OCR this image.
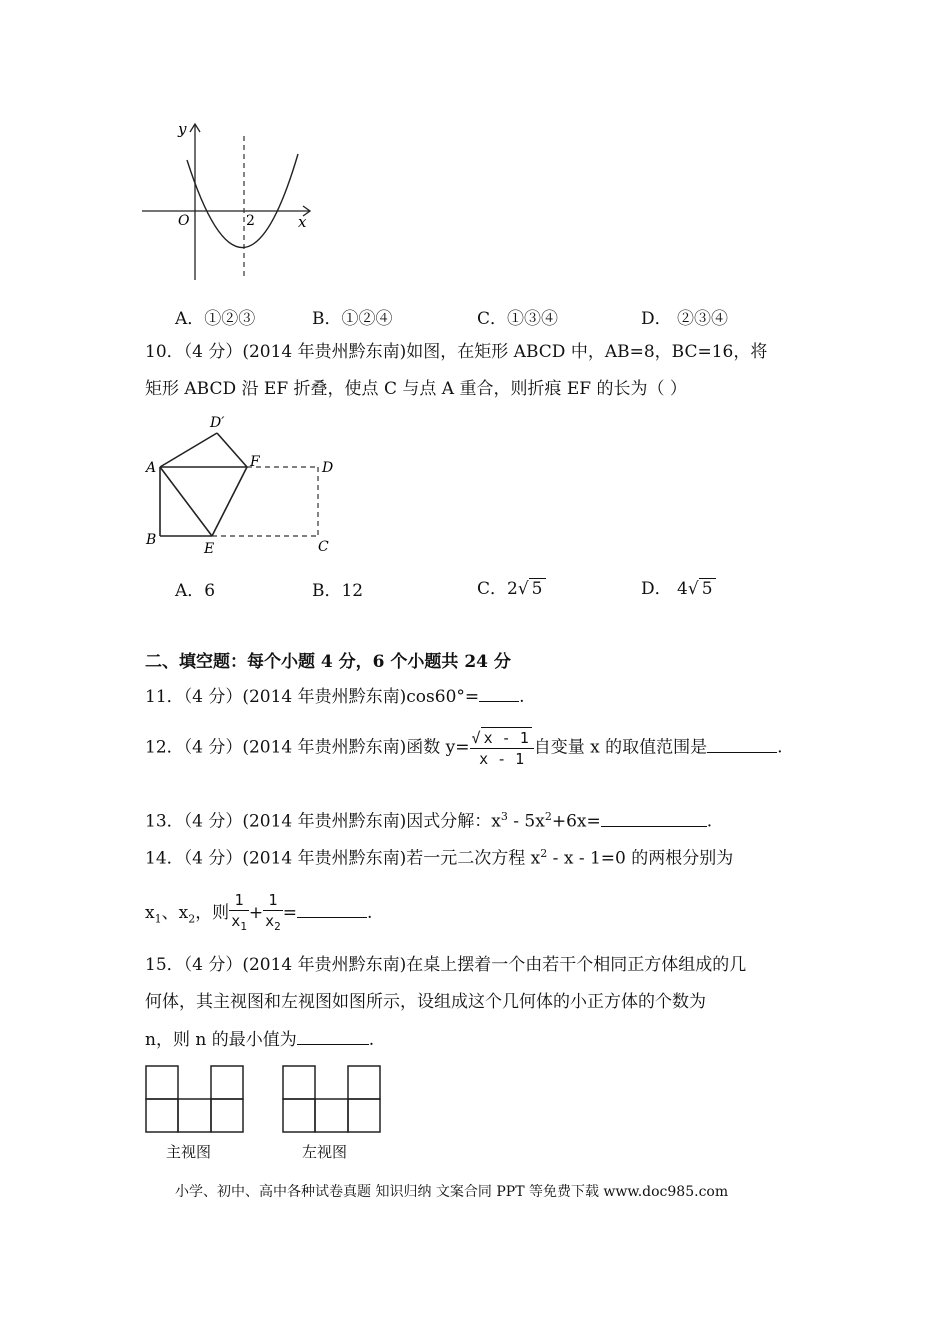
y
O	2	x
A．①②③	B．①②④	C．①③④	D． ②③④
10．（4 分）(2014 年贵州黔东南)如图，在矩形 ABCD 中，AB=8，BC=16，将
矩形 ABCD 沿 EF 折叠，使点 C 与点 A 重合，则折痕 EF 的长为（ ）
D′
A	F	D
B
E	C
A．6	B．12	C．2√ 5	D． 4√ 5
二、填空题：每个小题 4 分，6 个小题共 24 分
11．（4 分）(2014 年贵州黔东南)cos60°= .
12．（4 分）(2014 年贵州黔东南)函数 $y= \frac{√ x - 1}{x - 1}$ 自变量 x 的取值范围是	.
13．（4 分）(2014 年贵州黔东南)因式分解：$x^3 - 5x^2+6x=$	.
14．（4 分）(2014 年贵州黔东南)若一元二次方程 $x^2 - x - 1=0$ 的两根分别为
$x_1$、$x_2$，则 $\frac{1}{x_1} + \frac{1}{x_2}$ =	.
15．（4 分）(2014 年贵州黔东南)在桌上摆着一个由若干个相同正方体组成的几
何体，其主视图和左视图如图所示，设组成这个几何体的小正方体的个数为
n，则 n 的最小值为	.
主视图	左视图
小学、初中、高中各种试卷真题 知识归纳 文案合同 PPT 等免费下载 www.doc985.com
